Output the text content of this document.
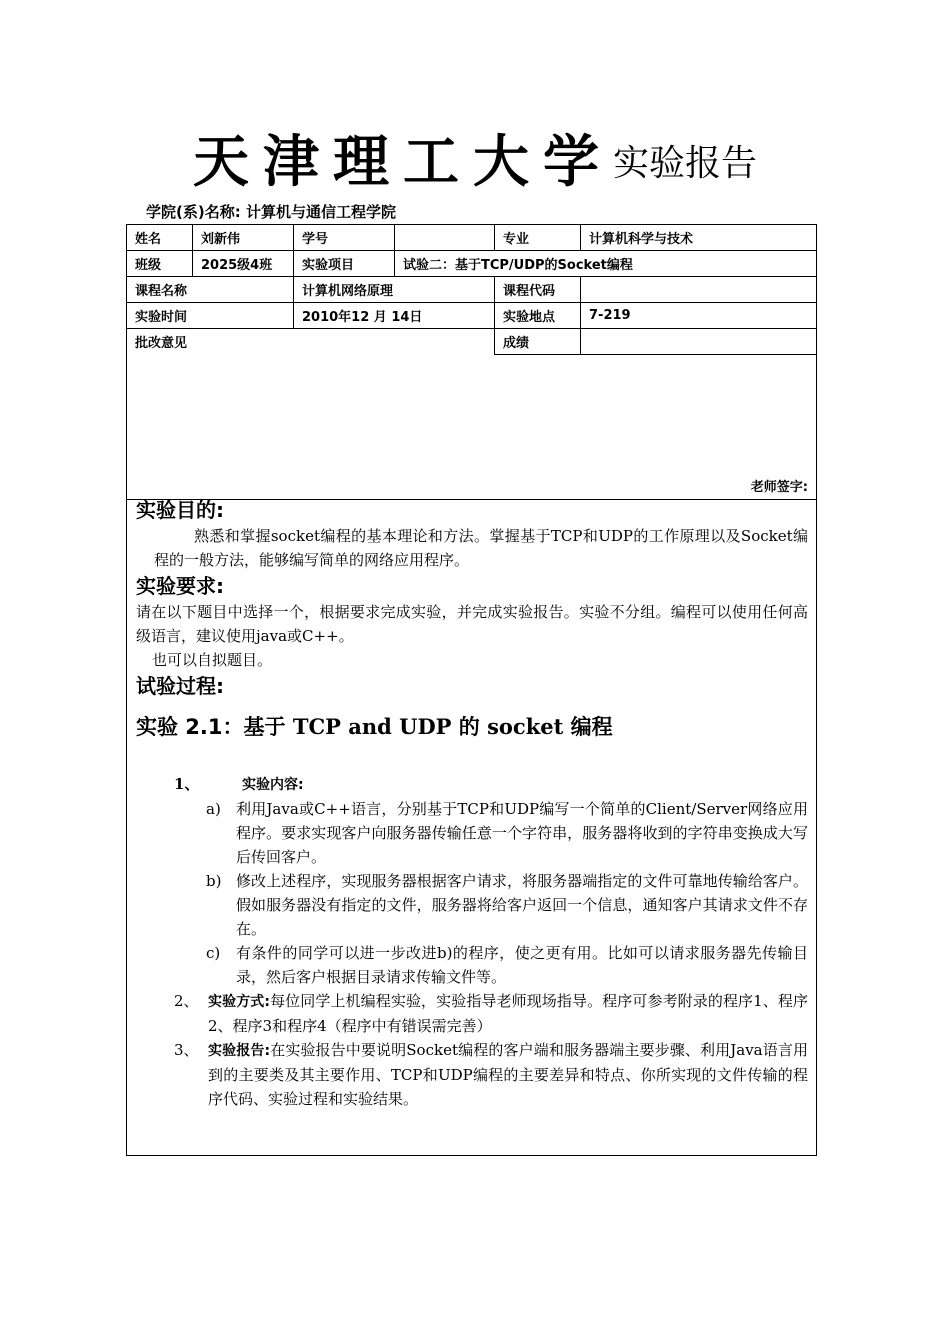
天津理工大学实验报告
学院(系)名称: 计算机与通信工程学院
姓名	刘新伟	学号		专业	计算机科学与技术
班级	2025级4班	实验项目	试验二：基于TCP/UDP的Socket编程		
课程名称		计算机网络原理		课程代码	
实验时间		2010年12 月 14日		实验地点	7-219
批改意见				成绩	
老师签字:					
实验目的:

熟悉和掌握socket编程的基本理论和方法。掌握基于TCP和UDP的工作原理以及Socket编程的一般方法，能够编写简单的网络应用程序。

实验要求:

请在以下题目中选择一个，根据要求完成实验，并完成实验报告。实验不分组。编程可以使用任何高级语言，建议使用java或C++。

也可以自拟题目。

试验过程:
实验 2.1：基于 TCP and UDP 的 socket 编程
1、	实验内容:
a) 利用Java或C++语言，分别基于TCP和UDP编写一个简单的Client/Server网络应用程序。要求实现客户向服务器传输任意一个字符串，服务器将收到的字符串变换成大写后传回客户。
b) 修改上述程序，实现服务器根据客户请求，将服务器端指定的文件可靠地传输给客户。假如服务器没有指定的文件，服务器将给客户返回一个信息，通知客户其请求文件不存在。
c) 有条件的同学可以进一步改进b)的程序，使之更有用。比如可以请求服务器先传输目录，然后客户根据目录请求传输文件等。
2、 实验方式:每位同学上机编程实验，实验指导老师现场指导。程序可参考附录的程序1、程序2、程序3和程序4（程序中有错误需完善）
3、 实验报告:在实验报告中要说明Socket编程的客户端和服务器端主要步骤、利用Java语言用到的主要类及其主要作用、TCP和UDP编程的主要差异和特点、你所实现的文件传输的程序代码、实验过程和实验结果。
